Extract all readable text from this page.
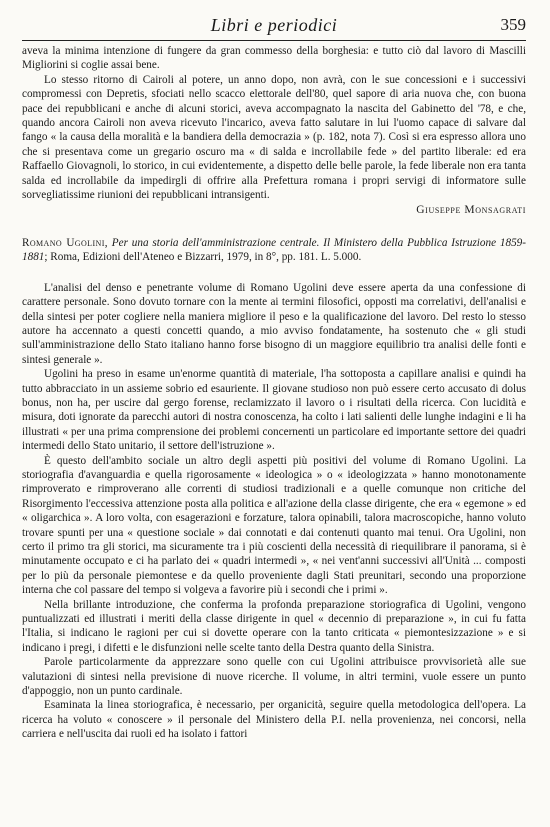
Libri e periodici	359

aveva la minima intenzione di fungere da gran commesso della borghesia: e tutto ciò dal lavoro di Mascilli Migliorini si coglie assai bene.

Lo stesso ritorno di Cairoli al potere, un anno dopo, non avrà, con le sue concessioni e i successivi compromessi con Depretis, sfociati nello scacco elettorale dell'80, quel sapore di aria nuova che, con buona pace dei repubblicani e anche di alcuni storici, aveva accompagnato la nascita del Gabinetto del '78, e che, quando ancora Cairoli non aveva ricevuto l'incarico, aveva fatto salutare in lui l'uomo capace di salvare dal fango « la causa della moralità e la bandiera della democrazia » (p. 182, nota 7). Così si era espresso allora uno che si presentava come un gregario oscuro ma « di salda e incrollabile fede » del partito liberale: ed era Raffaello Giovagnoli, lo storico, in cui evidentemente, a dispetto delle belle parole, la fede liberale non era tanta salda ed incrollabile da impedirgli di offrire alla Prefettura romana i propri servigi di informatore sulle sorvegliatissime riunioni dei repubblicani intransigenti.

Giuseppe Monsagrati

Romano Ugolini, Per una storia dell'amministrazione centrale. Il Ministero della Pubblica Istruzione 1859-1881; Roma, Edizioni dell'Ateneo e Bizzarri, 1979, in 8°, pp. 181. L. 5.000.

L'analisi del denso e penetrante volume di Romano Ugolini deve essere aperta da una confessione di carattere personale. Sono dovuto tornare con la mente ai termini filosofici, opposti ma correlativi, dell'analisi e della sintesi per poter cogliere nella maniera migliore il peso e la qualificazione del lavoro. Del resto lo stesso autore ha accennato a questi concetti quando, a mio avviso fondatamente, ha sostenuto che « gli studi sull'amministrazione dello Stato italiano hanno forse bisogno di un maggiore equilibrio tra analisi delle fonti e sintesi generale ».

Ugolini ha preso in esame un'enorme quantità di materiale, l'ha sottoposta a capillare analisi e quindi ha tutto abbracciato in un assieme sobrio ed esauriente. Il giovane studioso non può essere certo accusato di dolus bonus, non ha, per uscire dal gergo forense, reclamizzato il lavoro o i risultati della ricerca. Con lucidità e misura, doti ignorate da parecchi autori di nostra conoscenza, ha colto i lati salienti delle lunghe indagini e li ha illustrati « per una prima comprensione dei problemi concernenti un particolare ed importante settore dei quadri intermedi dello Stato unitario, il settore dell'istruzione ».

È questo dell'ambito sociale un altro degli aspetti più positivi del volume di Romano Ugolini. La storiografia d'avanguardia e quella rigorosamente « ideologica » o « ideologizzata » hanno monotonamente rimproverato e rimproverano alle correnti di studiosi tradizionali e a quelle comunque non critiche del Risorgimento l'eccessiva attenzione posta alla politica e all'azione della classe dirigente, che era « egemone » ed « oligarchica ». A loro volta, con esagerazioni e forzature, talora opinabili, talora macroscopiche, hanno voluto trovare spunti per una « questione sociale » dai connotati e dai contenuti quanto mai tenui. Ora Ugolini, non certo il primo tra gli storici, ma sicuramente tra i più coscienti della necessità di riequilibrare il panorama, si è minutamente occupato e ci ha parlato dei « quadri intermedi », « nei vent'anni successivi all'Unità ... composti per lo più da personale piemontese e da quello proveniente dagli Stati preunitari, secondo una proporzione interna che col passare del tempo si volgeva a favorire più i secondi che i primi ».

Nella brillante introduzione, che conferma la profonda preparazione storiografica di Ugolini, vengono puntualizzati ed illustrati i meriti della classe dirigente in quel « decennio di preparazione », in cui fu fatta l'Italia, si indicano le ragioni per cui si dovette operare con la tanto criticata « piemontesizzazione » e si indicano i pregi, i difetti e le disfunzioni nelle scelte tanto della Destra quanto della Sinistra.

Parole particolarmente da apprezzare sono quelle con cui Ugolini attribuisce provvisorietà alle sue valutazioni di sintesi nella previsione di nuove ricerche. Il volume, in altri termini, vuole essere un punto d'appoggio, non un punto cardinale.

Esaminata la linea storiografica, è necessario, per organicità, seguire quella metodologica dell'opera. La ricerca ha voluto « conoscere » il personale del Ministero della P.I. nella provenienza, nei concorsi, nella carriera e nell'uscita dai ruoli ed ha isolato i fattori
